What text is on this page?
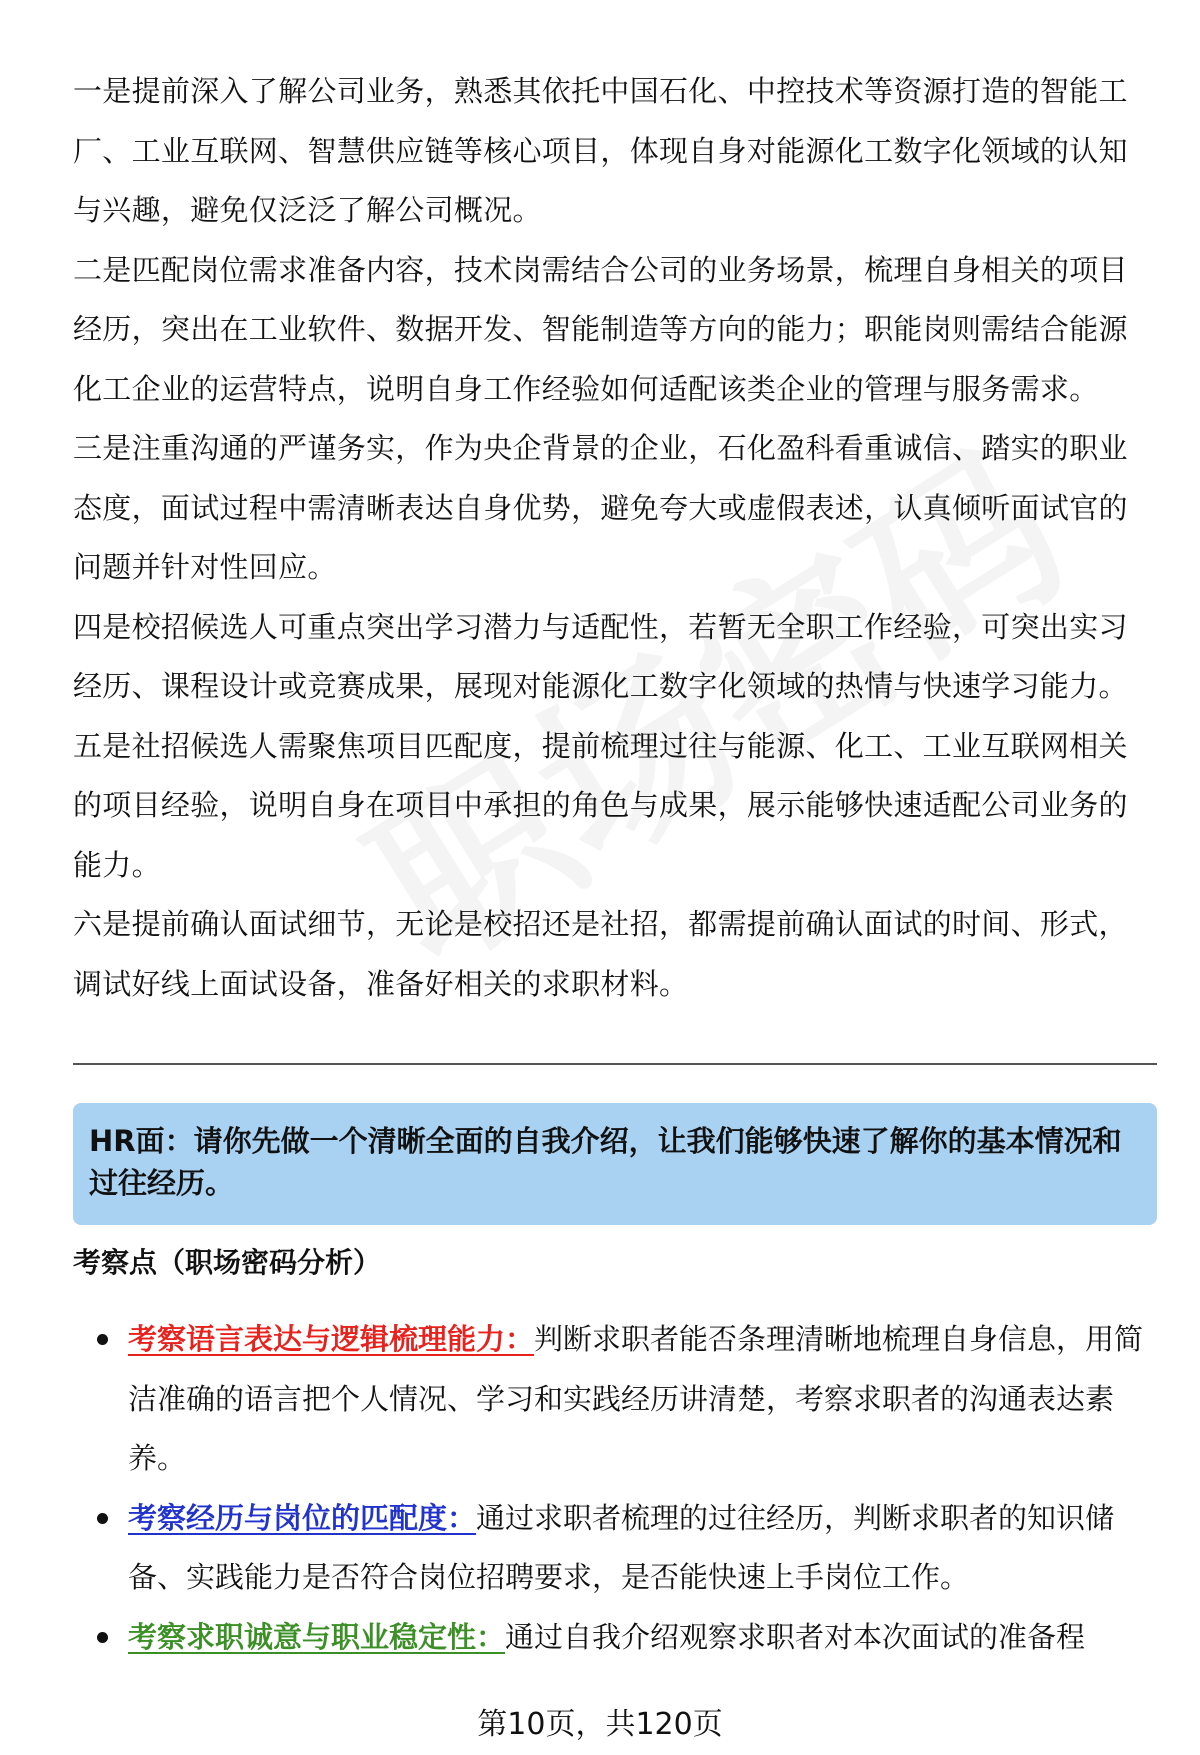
一是提前深入了解公司业务，熟悉其依托中国石化、中控技术等资源打造的智能工厂、工业互联网、智慧供应链等核心项目，体现自身对能源化工数字化领域的认知与兴趣，避免仅泛泛了解公司概况。

二是匹配岗位需求准备内容，技术岗需结合公司的业务场景，梳理自身相关的项目经历，突出在工业软件、数据开发、智能制造等方向的能力；职能岗则需结合能源化工企业的运营特点，说明自身工作经验如何适配该类企业的管理与服务需求。

三是注重沟通的严谨务实，作为央企背景的企业，石化盈科看重诚信、踏实的职业态度，面试过程中需清晰表达自身优势，避免夸大或虚假表述，认真倾听面试官的问题并针对性回应。

四是校招候选人可重点突出学习潜力与适配性，若暂无全职工作经验，可突出实习经历、课程设计或竞赛成果，展现对能源化工数字化领域的热情与快速学习能力。

五是社招候选人需聚焦项目匹配度，提前梳理过往与能源、化工、工业互联网相关的项目经验，说明自身在项目中承担的角色与成果，展示能够快速适配公司业务的能力。

六是提前确认面试细节，无论是校招还是社招，都需提前确认面试的时间、形式，调试好线上面试设备，准备好相关的求职材料。

HR面：请你先做一个清晰全面的自我介绍，让我们能够快速了解你的基本情况和过往经历。

考察点（职场密码分析）

考察语言表达与逻辑梳理能力：判断求职者能否条理清晰地梳理自身信息，用简洁准确的语言把个人情况、学习和实践经历讲清楚，考察求职者的沟通表达素养。

考察经历与岗位的匹配度：通过求职者梳理的过往经历，判断求职者的知识储备、实践能力是否符合岗位招聘要求，是否能快速上手岗位工作。

考察求职诚意与职业稳定性：通过自我介绍观察求职者对本次面试的准备程

第10页，共120页
